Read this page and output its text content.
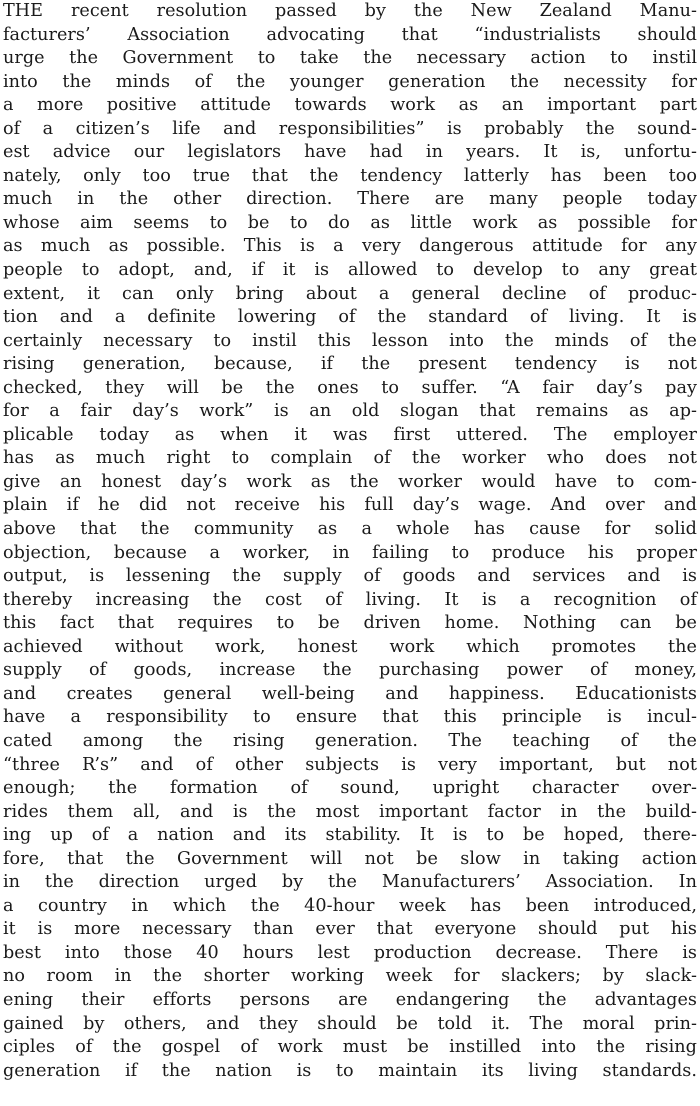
THE recent resolution passed by the New Zealand Manu-
facturers’ Association advocating that “industrialists should
urge the Government to take the necessary action to instil
into the minds of the younger generation the necessity for
a more positive attitude towards work as an important part
of a citizen’s life and responsibilities” is probably the sound-
est advice our legislators have had in years. It is, unfortu-
nately, only too true that the tendency latterly has been too
much in the other direction. There are many people today
whose aim seems to be to do as little work as possible for
as much as possible. This is a very dangerous attitude for any
people to adopt, and, if it is allowed to develop to any great
extent, it can only bring about a general decline of produc-
tion and a definite lowering of the standard of living. It is
certainly necessary to instil this lesson into the minds of the
rising generation, because, if the present tendency is not
checked, they will be the ones to suffer. “A fair day’s pay
for a fair day’s work” is an old slogan that remains as ap-
plicable today as when it was first uttered. The employer
has as much right to complain of the worker who does not
give an honest day’s work as the worker would have to com-
plain if he did not receive his full day’s wage. And over and
above that the community as a whole has cause for solid
objection, because a worker, in failing to produce his proper
output, is lessening the supply of goods and services and is
thereby increasing the cost of living. It is a recognition of
this fact that requires to be driven home. Nothing can be
achieved without work, honest work which promotes the
supply of goods, increase the purchasing power of money,
and creates general well-being and happiness. Educationists
have a responsibility to ensure that this principle is incul-
cated among the rising generation. The teaching of the
“three R’s” and of other subjects is very important, but not
enough; the formation of sound, upright character over-
rides them all, and is the most important factor in the build-
ing up of a nation and its stability. It is to be hoped, there-
fore, that the Government will not be slow in taking action
in the direction urged by the Manufacturers’ Association. In
a country in which the 40-hour week has been introduced,
it is more necessary than ever that everyone should put his
best into those 40 hours lest production decrease. There is
no room in the shorter working week for slackers; by slack-
ening their efforts persons are endangering the advantages
gained by others, and they should be told it. The moral prin-
ciples of the gospel of work must be instilled into the rising
generation if the nation is to maintain its living standards.
